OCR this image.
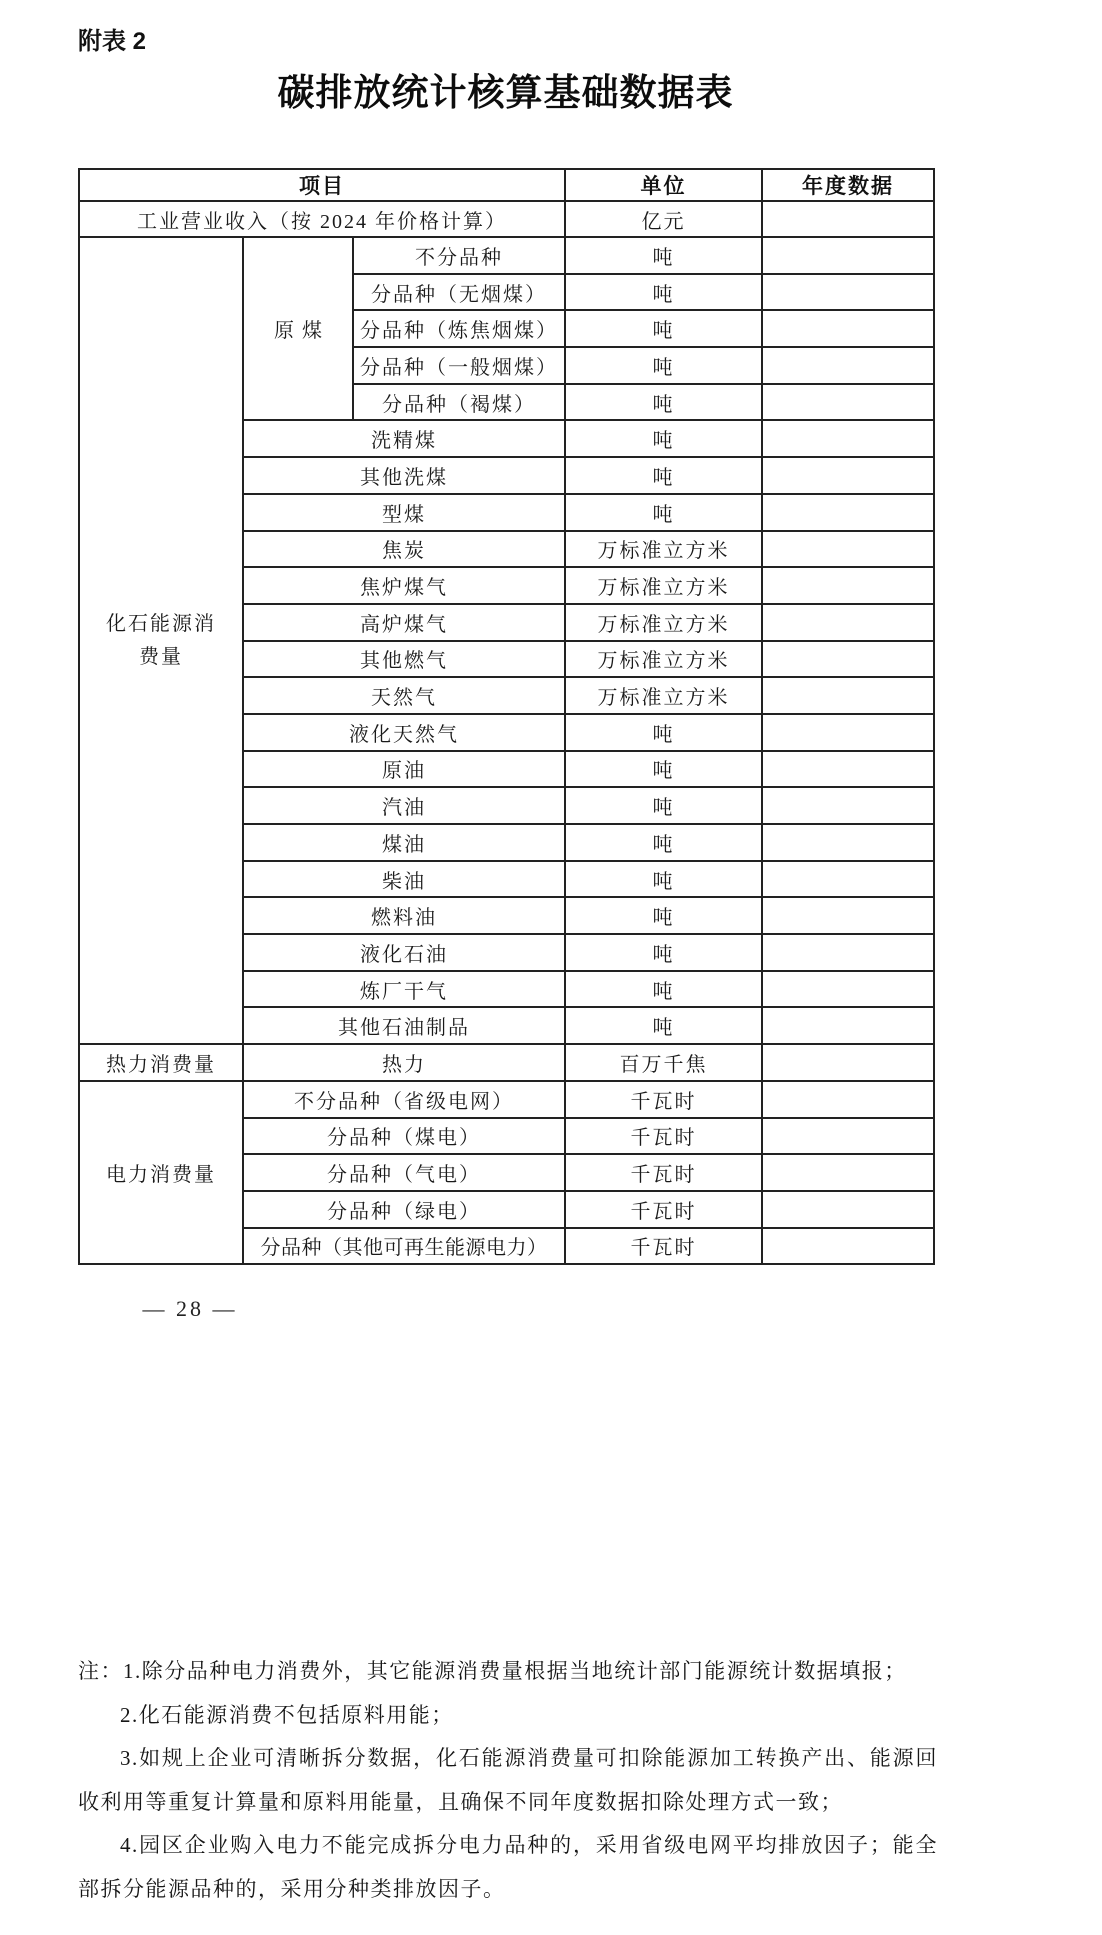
附表 2
碳排放统计核算基础数据表
项目			单位	年度数据
工业营业收入（按 2024 年价格计算）			亿元	
化石能源消费量	原煤	不分品种	吨	
		分品种（无烟煤）	吨	
		分品种（炼焦烟煤）	吨	
		分品种（一般烟煤）	吨	
		分品种（褐煤）	吨	
	洗精煤		吨	
	其他洗煤		吨	
	型煤		吨	
	焦炭		万标准立方米	
	焦炉煤气		万标准立方米	
	高炉煤气		万标准立方米	
	其他燃气		万标准立方米	
	天然气		万标准立方米	
	液化天然气		吨	
	原油		吨	
	汽油		吨	
	煤油		吨	
	柴油		吨	
	燃料油		吨	
	液化石油		吨	
	炼厂干气		吨	
	其他石油制品		吨	
热力消费量	热力		百万千焦	
电力消费量	不分品种（省级电网）		千瓦时	
	分品种（煤电）		千瓦时	
	分品种（气电）		千瓦时	
	分品种（绿电）		千瓦时	
	分品种（其他可再生能源电力）		千瓦时	
— 28 —

注：1.除分品种电力消费外，其它能源消费量根据当地统计部门能源统计数据填报；

2.化石能源消费不包括原料用能；

3.如规上企业可清晰拆分数据，化石能源消费量可扣除能源加工转换产出、能源回收利用等重复计算量和原料用能量，且确保不同年度数据扣除处理方式一致；

4.园区企业购入电力不能完成拆分电力品种的，采用省级电网平均排放因子；能全部拆分能源品种的，采用分种类排放因子。
